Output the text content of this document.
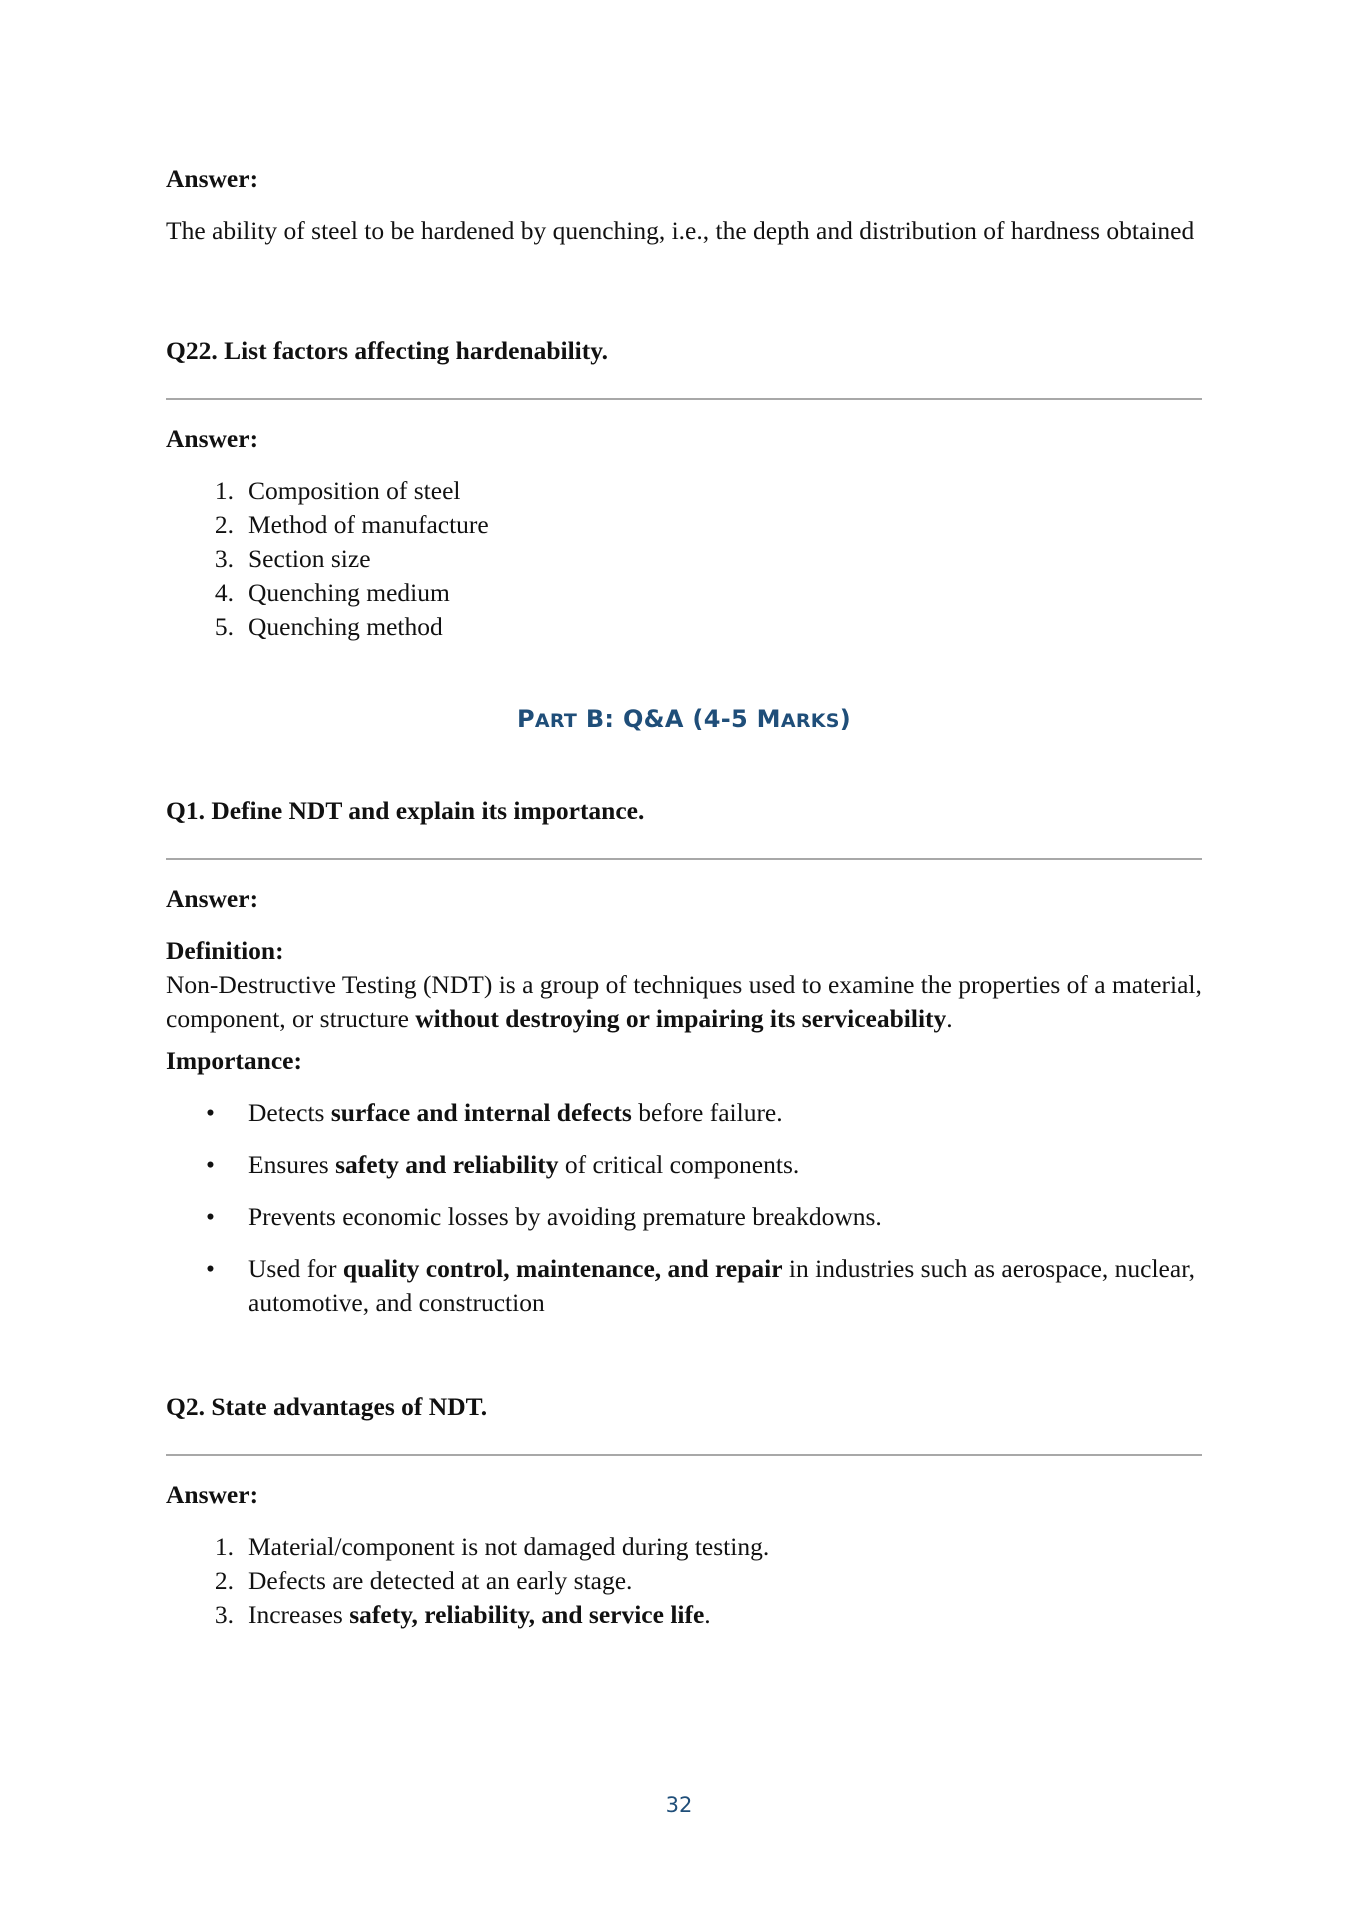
Answer:

The ability of steel to be hardened by quenching, i.e., the depth and distribution of hardness obtained

Q22. List factors affecting hardenability.

Answer:

1. Composition of steel
2. Method of manufacture
3. Section size
4. Quenching medium
5. Quenching method

PART B: Q&A (4-5 MARKS)

Q1. Define NDT and explain its importance.

Answer:

Definition:

Non-Destructive Testing (NDT) is a group of techniques used to examine the properties of a material, component, or structure without destroying or impairing its serviceability.

Importance:

•	Detects surface and internal defects before failure.
•	Ensures safety and reliability of critical components.
•	Prevents economic losses by avoiding premature breakdowns.
•	Used for quality control, maintenance, and repair in industries such as aerospace, nuclear, automotive, and construction

Q2. State advantages of NDT.

Answer:

1. Material/component is not damaged during testing.
2. Defects are detected at an early stage.
3. Increases safety, reliability, and service life.
32
